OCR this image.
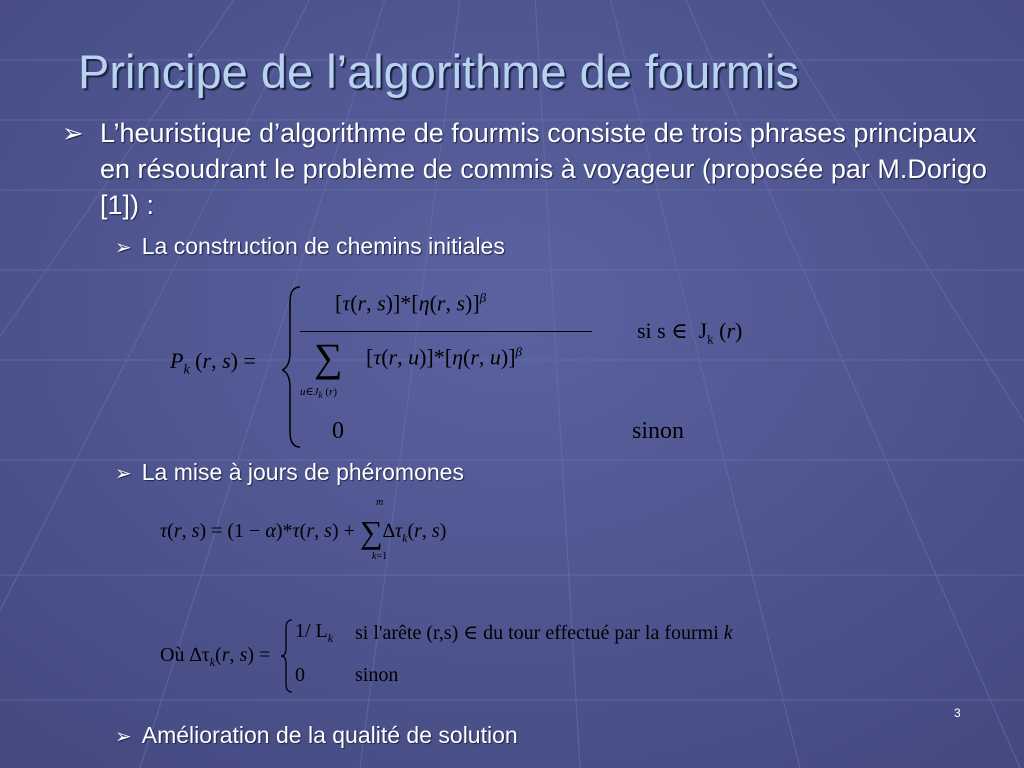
Principe de l’algorithme de fourmis
➢ L’heuristique d’algorithme de fourmis consiste de trois phrases principaux en résoudrant le problème de commis à voyageur (proposée par M.Dorigo [1]) :
➢ La construction de chemins initiales
$P_k$ (r, s) =
[τ(r, s)]*[η(r, s)]$^\beta$
∑
$u\in J_k$ (r)
[τ(r, u)]*[η(r, u)]$^\beta$
si s ∈  $J_k$ (r)
0	sinon
➢ La mise à jours de phéromones
m
τ(r, s) = (1 − α)*τ(r, $s) + \sum\Delta\tau_k(r$, s)
k=1
Où $\Delta\tau_k(r$, s) =
1/ $L_k$ si l'arête (r,s) ∈ du tour effectué par la fourmi k
0	sinon
3
➢ Amélioration de la qualité de solution
